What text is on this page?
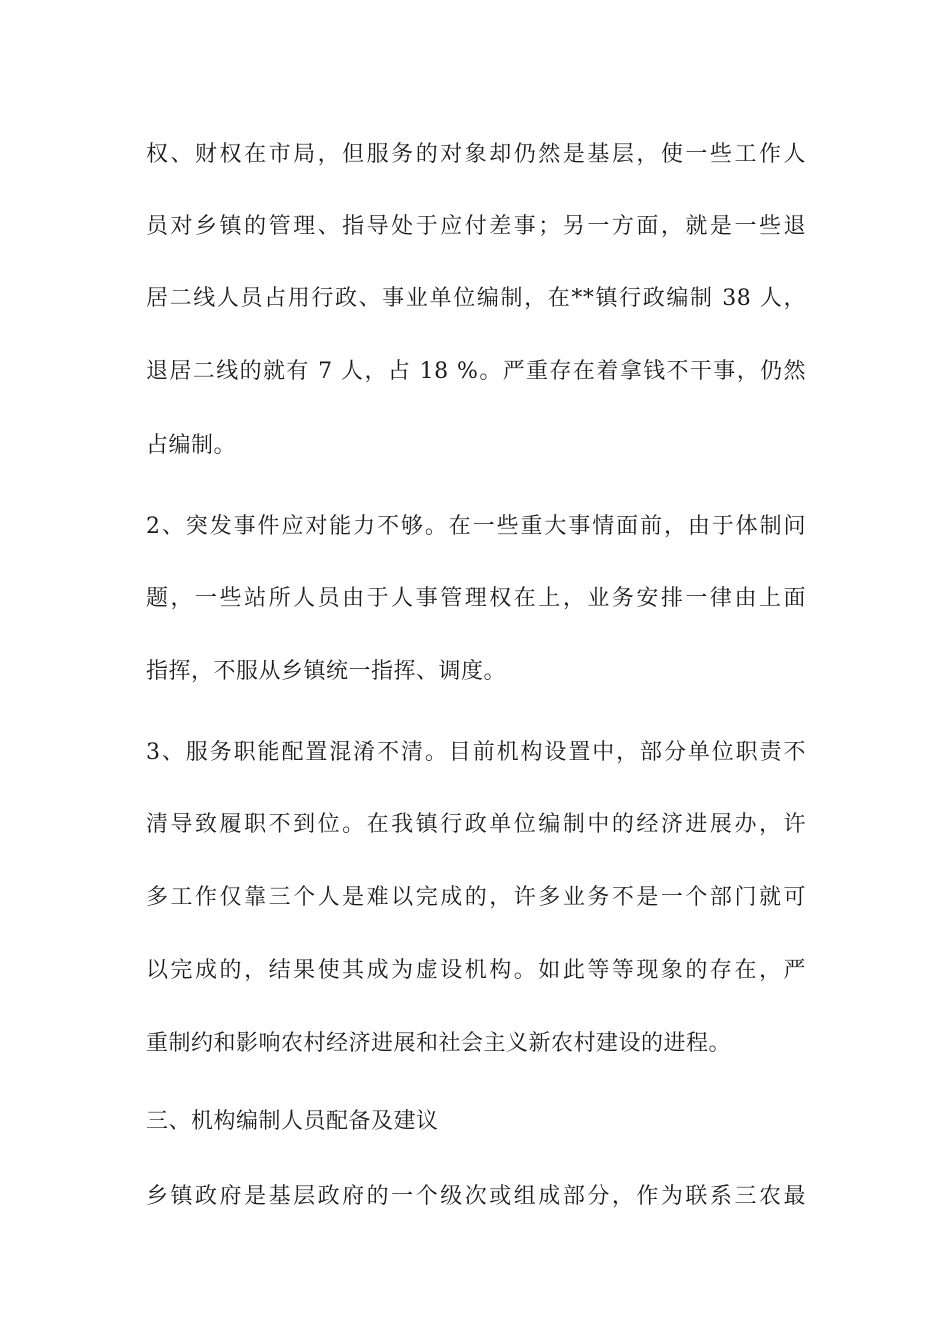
权、财权在市局，但服务的对象却仍然是基层，使一些工作人

员对乡镇的管理、指导处于应付差事；另一方面，就是一些退

居二线人员占用行政、事业单位编制，在**镇行政编制 38 人，

退居二线的就有 7 人，占 18 %。严重存在着拿钱不干事，仍然

占编制。

2、突发事件应对能力不够。在一些重大事情面前，由于体制问

题，一些站所人员由于人事管理权在上，业务安排一律由上面

指挥，不服从乡镇统一指挥、调度。

3、服务职能配置混淆不清。目前机构设置中，部分单位职责不

清导致履职不到位。在我镇行政单位编制中的经济进展办，许

多工作仅靠三个人是难以完成的，许多业务不是一个部门就可

以完成的，结果使其成为虚设机构。如此等等现象的存在，严

重制约和影响农村经济进展和社会主义新农村建设的进程。

三、机构编制人员配备及建议

乡镇政府是基层政府的一个级次或组成部分，作为联系三农最
